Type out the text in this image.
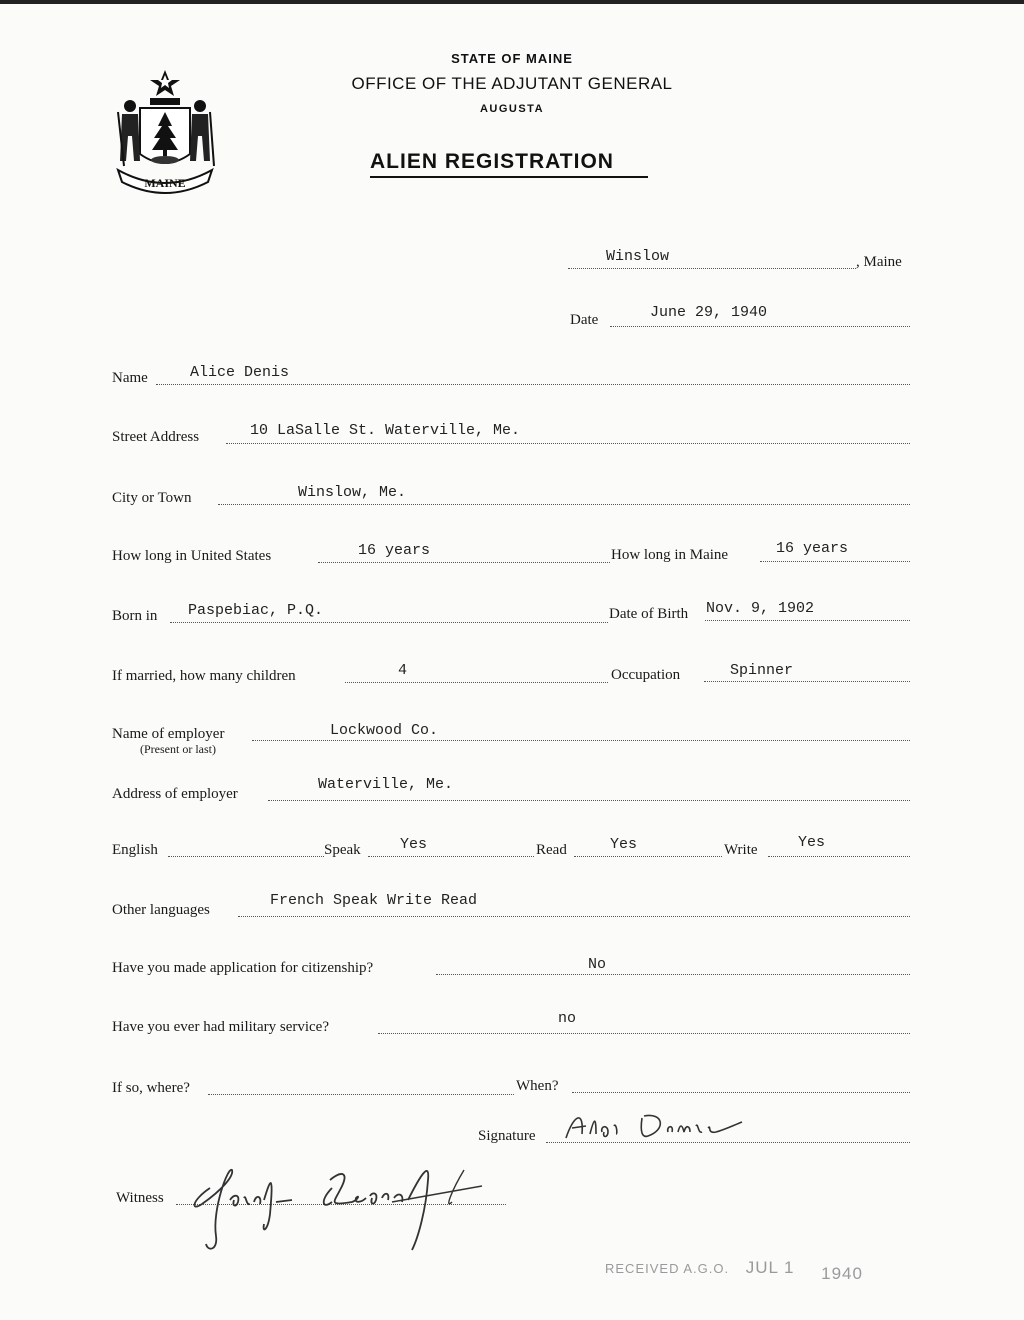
MAINE
STATE OF MAINE
OFFICE OF THE ADJUTANT GENERAL
AUGUSTA
ALIEN REGISTRATION
Winslow	, Maine
Date	June 29, 1940
Name	Alice Denis
Street Address	10 LaSalle St. Waterville, Me.
City or Town	Winslow, Me.
How long in United States	16 years	How long in Maine	16 years
Born in Paspebiac, P.Q.	Date of Birth Nov. 9, 1902
If married, how many children	4	Occupation	Spinner
Name of employer
(Present or last)
Lockwood Co.
Address of employer
Waterville, Me.
English	Speak	Yes	Read	Yes	Write	Yes
Other languages
French Speak Write Read
Have you made application for citizenship?	No
Have you ever had military service?	no
If so, where?	When?
Signature
Witness
RECEIVED A.G.O. JUL 1 1940
